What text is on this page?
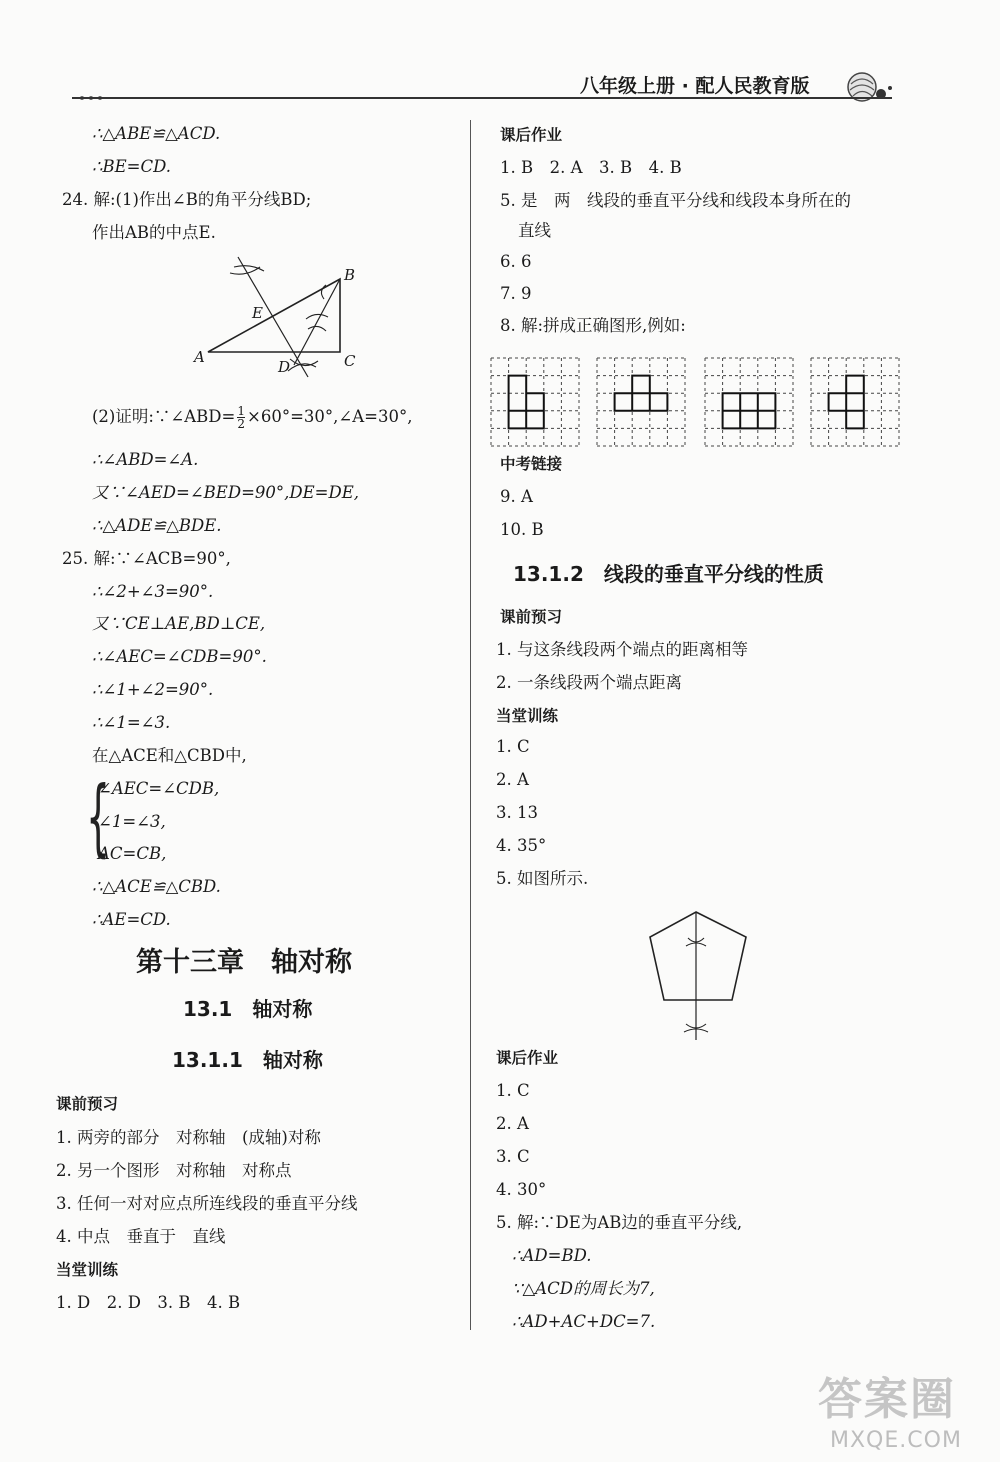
八年级上册 · 配人民教育版
∴△ABE≌△ACD.
∴BE=CD.
24. 解:(1)作出∠B的角平分线BD;
作出AB的中点E.
A
B
C
D
E
(2)证明:∵∠ABD= $\frac{1}{2}$ ×60°=30°,∠A=30°,
∴∠ABD=∠A.
又∵∠AED=∠BED=90°,DE=DE,
∴△ADE≌△BDE.
25. 解:∵∠ACB=90°,
∴∠2+∠3=90°.
又∵CE⊥AE,BD⊥CE,
∴∠AEC=∠CDB=90°.
∴∠1+∠2=90°.
∴∠1=∠3.
在△ACE和△CBD中,
{
∠AEC=∠CDB,
∠1=∠3,
AC=CB,
∴△ACE≌△CBD.
∴AE=CD.
第十三章　轴对称
13.1　轴对称
13.1.1　轴对称
课前预习
1. 两旁的部分　对称轴　(成轴)对称
2. 另一个图形　对称轴　对称点
3. 任何一对对应点所连线段的垂直平分线
4. 中点　垂直于　直线
当堂训练
1. D　2. D　3. B　4. B
课后作业
1. B　2. A　3. B　4. B
5. 是　两　线段的垂直平分线和线段本身所在的
直线
6. 6
7. 9
8. 解:拼成正确图形,例如:
中考链接
9. A
10. B
13.1.2　线段的垂直平分线的性质
课前预习
1. 与这条线段两个端点的距离相等
2. 一条线段两个端点距离
当堂训练
1. C
2. A
3. 13
4. 35°
5. 如图所示.
课后作业
1. C
2. A
3. C
4. 30°
5. 解:∵DE为AB边的垂直平分线,
∴AD=BD.
∵△ACD的周长为7,
∴AD+AC+DC=7.
答案圈
MXQE.COM
